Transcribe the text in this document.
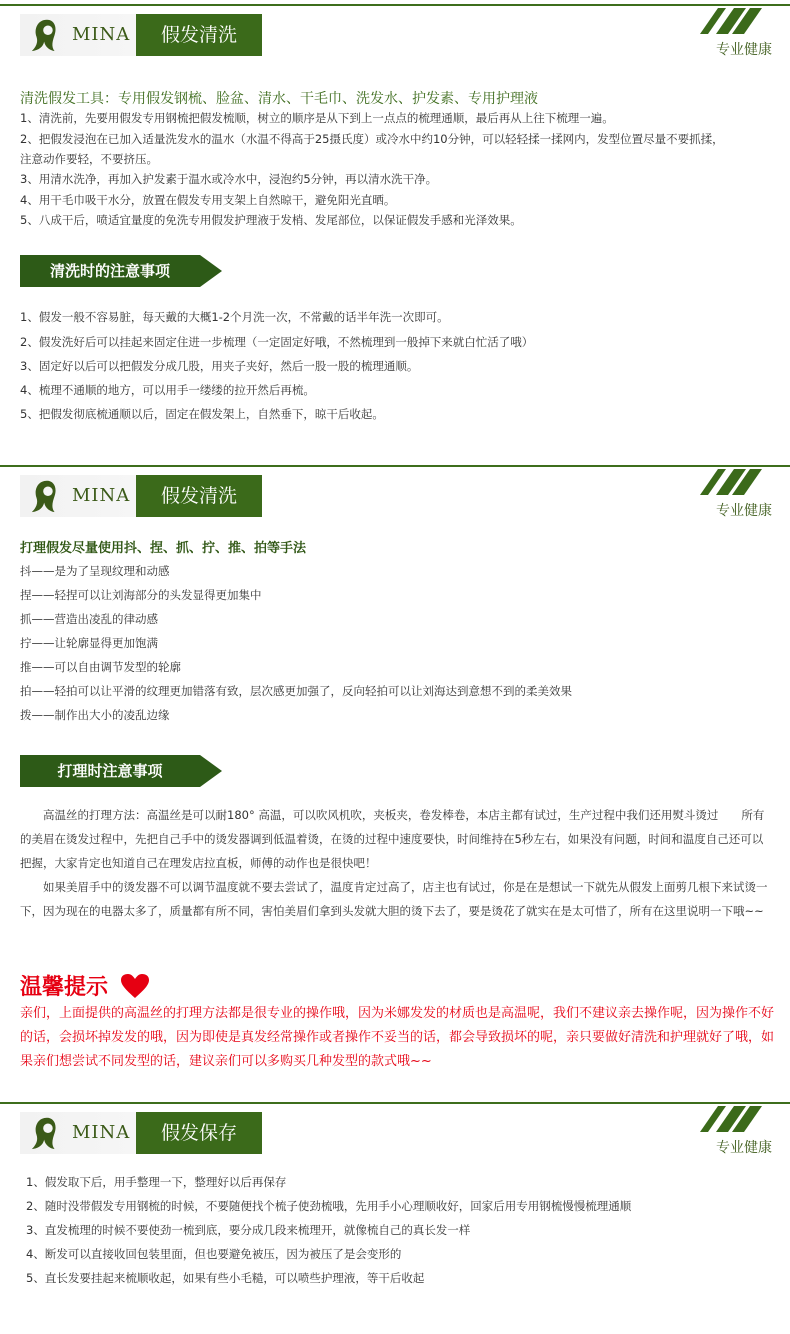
MINA	假发清洗
专业健康
清洗假发工具：专用假发钢梳、脸盆、清水、干毛巾、洗发水、护发素、专用护理液
1、清洗前，先要用假发专用钢梳把假发梳顺，树立的顺序是从下到上一点点的梳理通顺，最后再从上往下梳理一遍。
2、把假发浸泡在已加入适量洗发水的温水（水温不得高于25摄氏度）或冷水中约10分钟，可以轻轻揉一揉网内，发型位置尽量不要抓揉，
注意动作要轻，不要挤压。
3、用清水洗净，再加入护发素于温水或冷水中，浸泡约5分钟，再以清水洗干净。
4、用干毛巾吸干水分，放置在假发专用支架上自然晾干，避免阳光直晒。
5、八成干后，喷适宜量度的免洗专用假发护理液于发梢、发尾部位，以保证假发手感和光泽效果。
清洗时的注意事项
1、假发一般不容易脏，每天戴的大概1-2个月洗一次，不常戴的话半年洗一次即可。
2、假发洗好后可以挂起来固定住进一步梳理（一定固定好哦，不然梳理到一般掉下来就白忙活了哦）
3、固定好以后可以把假发分成几股，用夹子夹好，然后一股一股的梳理通顺。
4、梳理不通顺的地方，可以用手一缕缕的拉开然后再梳。
5、把假发彻底梳通顺以后，固定在假发架上，自然垂下，晾干后收起。
MINA	假发清洗
专业健康
打理假发尽量使用抖、捏、抓、拧、推、拍等手法
抖——是为了呈现纹理和动感
捏——轻捏可以让刘海部分的头发显得更加集中
抓——营造出凌乱的律动感
拧——让轮廓显得更加饱满
推——可以自由调节发型的轮廓
拍——轻拍可以让平滑的纹理更加错落有致，层次感更加强了，反向轻拍可以让刘海达到意想不到的柔美效果
拨——制作出大小的凌乱边缘
打理时注意事项
　　高温丝的打理方法：高温丝是可以耐180° 高温，可以吹风机吹，夹板夹，卷发棒卷，本店主都有试过，生产过程中我们还用熨斗烫过　　所有的美眉在烫发过程中，先把自己手中的烫发器调到低温着烫，在烫的过程中速度要快，时间维持在5秒左右，如果没有问题，时间和温度自己还可以把握，大家肯定也知道自己在理发店拉直板，师傅的动作也是很快吧！
　　如果美眉手中的烫发器不可以调节温度就不要去尝试了，温度肯定过高了，店主也有试过，你是在是想试一下就先从假发上面剪几根下来试烫一下，因为现在的电器太多了，质量都有所不同，害怕美眉们拿到头发就大胆的烫下去了，要是烫花了就实在是太可惜了，所有在这里说明一下哦~~
温馨提示
亲们，上面提供的高温丝的打理方法都是很专业的操作哦，因为米娜发发的材质也是高温呢，我们不建议亲去操作呢，因为操作不好的话，会损坏掉发发的哦，因为即使是真发经常操作或者操作不妥当的话，都会导致损坏的呢，亲只要做好清洗和护理就好了哦，如果亲们想尝试不同发型的话，建议亲们可以多购买几种发型的款式哦~~
MINA	假发保存
专业健康
1、假发取下后，用手整理一下，整理好以后再保存
2、随时没带假发专用钢梳的时候，不要随便找个梳子使劲梳哦，先用手小心理顺收好，回家后用专用钢梳慢慢梳理通顺
3、直发梳理的时候不要使劲一梳到底，要分成几段来梳理开，就像梳自己的真长发一样
4、断发可以直接收回包装里面，但也要避免被压，因为被压了是会变形的
5、直长发要挂起来梳顺收起，如果有些小毛糙，可以喷些护理液，等干后收起
